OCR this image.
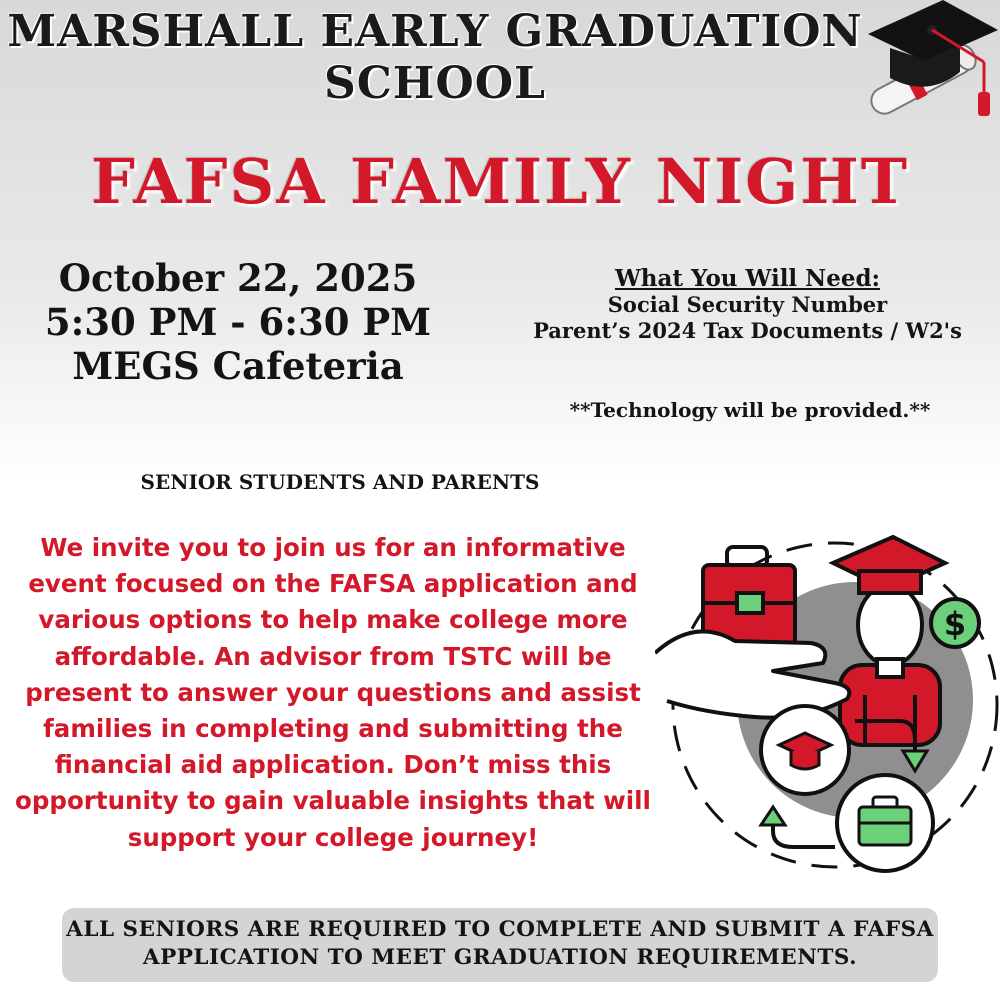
MARSHALL EARLY GRADUATION
SCHOOL
FAFSA FAMILY NIGHT
October 22, 2025
5:30 PM - 6:30 PM
MEGS Cafeteria
What You Will Need:
Social Security Number
Parent’s 2024 Tax Documents / W2's
**Technology will be provided.**
SENIOR STUDENTS AND PARENTS
We invite you to join us for an informative
event focused on the FAFSA application and
various options to help make college more
affordable. An advisor from TSTC will be
present to answer your questions and assist
families in completing and submitting the
financial aid application. Don’t miss this
opportunity to gain valuable insights that will
support your college journey!
$
ALL SENIORS ARE REQUIRED TO COMPLETE AND SUBMIT A FAFSA
APPLICATION TO MEET GRADUATION REQUIREMENTS.
